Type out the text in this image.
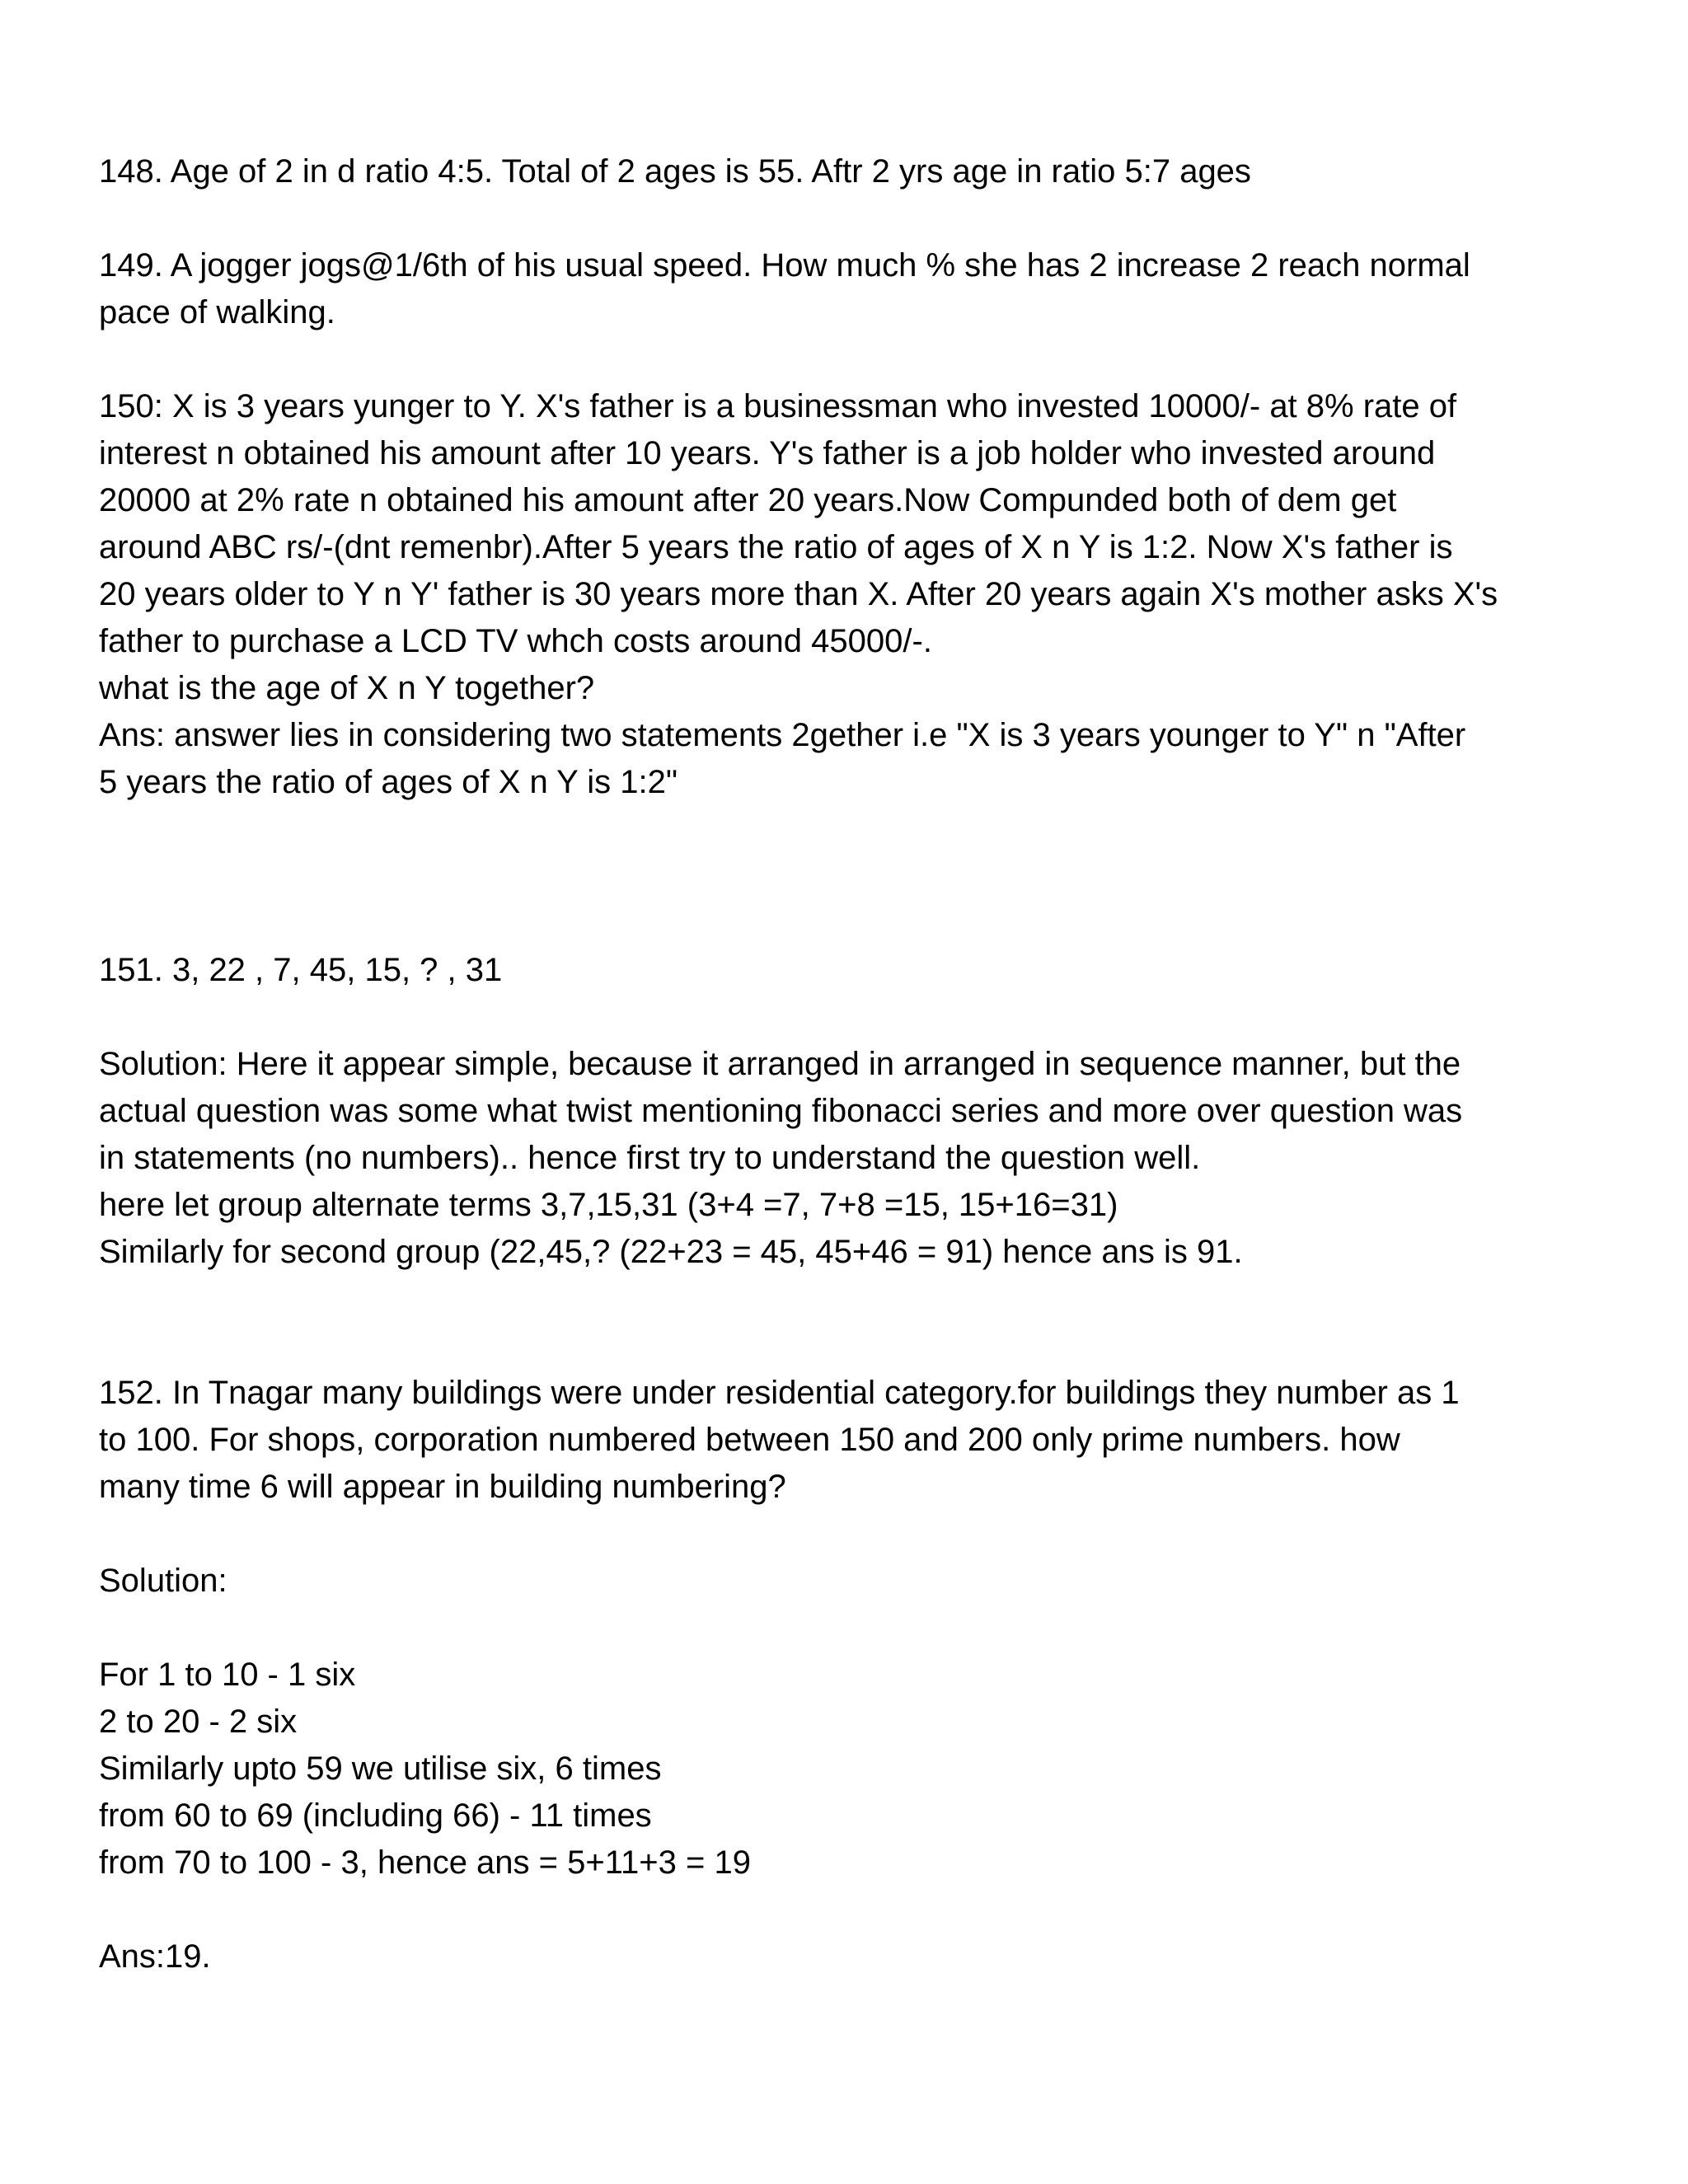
148. Age of 2 in d ratio 4:5. Total of 2 ages is 55. Aftr 2 yrs age in ratio 5:7 ages
149. A jogger jogs@1/6th of his usual speed. How much % she has 2 increase 2 reach normal
pace of walking.
150: X is 3 years yunger to Y. X's father is a businessman who invested 10000/- at 8% rate of
interest n obtained his amount after 10 years. Y's father is a job holder who invested around
20000 at 2% rate n obtained his amount after 20 years.Now Compunded both of dem get
around ABC rs/-(dnt remenbr).After 5 years the ratio of ages of X n Y is 1:2. Now X's father is
20 years older to Y n Y' father is 30 years more than X. After 20 years again X's mother asks X's
father to purchase a LCD TV whch costs around 45000/-.
what is the age of X n Y together?
Ans: answer lies in considering two statements 2gether i.e "X is 3 years younger to Y" n "After
5 years the ratio of ages of X n Y is 1:2"
151. 3, 22 , 7, 45, 15, ? , 31
Solution: Here it appear simple, because it arranged in arranged in sequence manner, but the
actual question was some what twist mentioning fibonacci series and more over question was
in statements (no numbers).. hence first try to understand the question well.
here let group alternate terms 3,7,15,31 (3+4 =7, 7+8 =15, 15+16=31)
Similarly for second group (22,45,? (22+23 = 45, 45+46 = 91) hence ans is 91.
152. In Tnagar many buildings were under residential category.for buildings they number as 1
to 100. For shops, corporation numbered between 150 and 200 only prime numbers. how
many time 6 will appear in building numbering?
Solution:
For 1 to 10 - 1 six
2 to 20 - 2 six
Similarly upto 59 we utilise six, 6 times
from 60 to 69 (including 66) - 11 times
from 70 to 100 - 3, hence ans = 5+11+3 = 19
Ans:19.
